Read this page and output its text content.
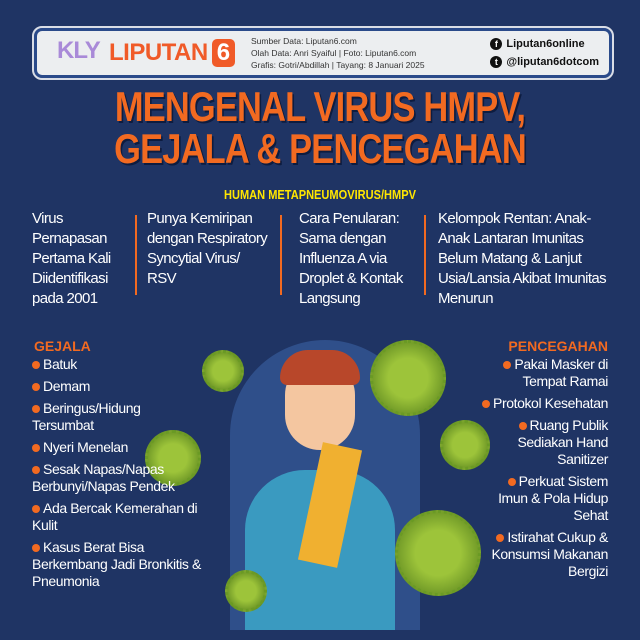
KLY LIPUTAN 6	Sumber Data: Liputan6.com
Olah Data: Anri Syaiful | Foto: Liputan6.com
Grafis: Gotri/Abdillah | Tayang: 8 Januari 2025
f Liputan6online
t @liputan6dotcom
MENGENAL VIRUS HMPV,
GEJALA & PENCEGAHAN
HUMAN METAPNEUMOVIRUS/HMPV
Virus Pernapasan Pertama Kali Diidentifikasi pada 2001
Punya Kemiripan dengan Respiratory Syncytial Virus/ RSV
Cara Penularan: Sama dengan Influenza A via Droplet & Kontak Langsung
Kelompok Rentan: Anak-Anak Lantaran Imunitas Belum Matang & Lanjut Usia/Lansia Akibat Imunitas Menurun
GEJALA
Batuk
Demam
Beringus/Hidung Tersumbat
Nyeri Menelan
Sesak Napas/Napas Berbunyi/Napas Pendek
Ada Bercak Kemerahan di Kulit
Kasus Berat Bisa Berkembang Jadi Bronkitis & Pneumonia
PENCEGAHAN
Pakai Masker di Tempat Ramai
Protokol Kesehatan
Ruang Publik Sediakan Hand Sanitizer
Perkuat Sistem Imun & Pola Hidup Sehat
Istirahat Cukup & Konsumsi Makanan Bergizi
